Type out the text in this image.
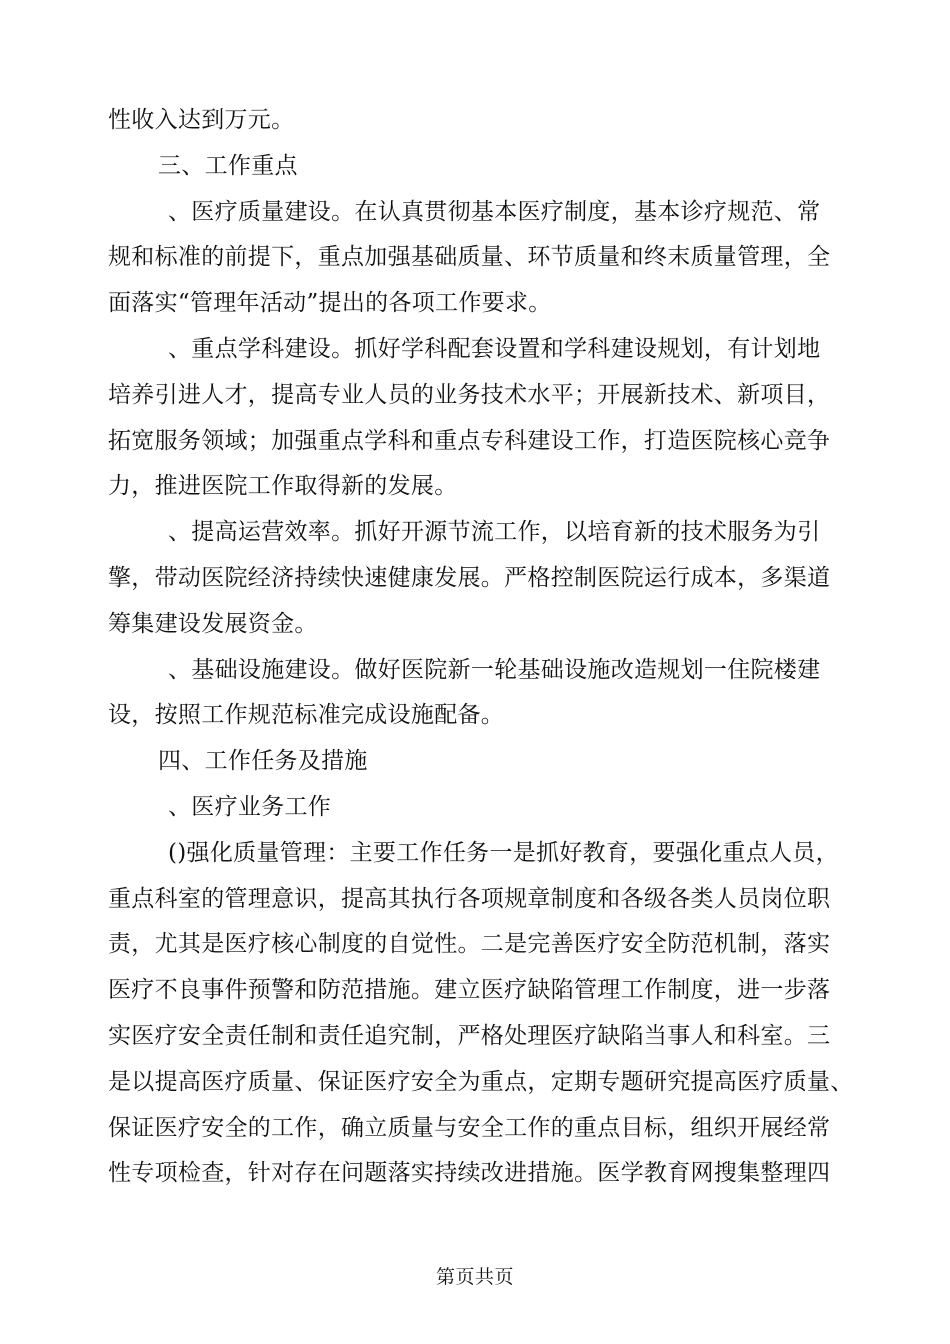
性收入达到万元。
三、工作重点
、医疗质量建设。在认真贯彻基本医疗制度，基本诊疗规范、常
规和标准的前提下，重点加强基础质量、环节质量和终末质量管理，全
面落实“管理年活动”提出的各项工作要求。
、重点学科建设。抓好学科配套设置和学科建设规划，有计划地
培养引进人才，提高专业人员的业务技术水平；开展新技术、新项目，
拓宽服务领域；加强重点学科和重点专科建设工作，打造医院核心竞争
力，推进医院工作取得新的发展。
、提高运营效率。抓好开源节流工作，以培育新的技术服务为引
擎，带动医院经济持续快速健康发展。严格控制医院运行成本，多渠道
筹集建设发展资金。
、基础设施建设。做好医院新一轮基础设施改造规划一住院楼建
设，按照工作规范标准完成设施配备。
四、工作任务及措施
、医疗业务工作
()强化质量管理：主要工作任务一是抓好教育，要强化重点人员，
重点科室的管理意识，提高其执行各项规章制度和各级各类人员岗位职
责，尤其是医疗核心制度的自觉性。二是完善医疗安全防范机制，落实
医疗不良事件预警和防范措施。建立医疗缺陷管理工作制度，进一步落
实医疗安全责任制和责任追究制，严格处理医疗缺陷当事人和科室。三
是以提高医疗质量、保证医疗安全为重点，定期专题研究提高医疗质量、
保证医疗安全的工作，确立质量与安全工作的重点目标，组织开展经常
性专项检查，针对存在问题落实持续改进措施。医学教育网搜集整理四
第页共页
